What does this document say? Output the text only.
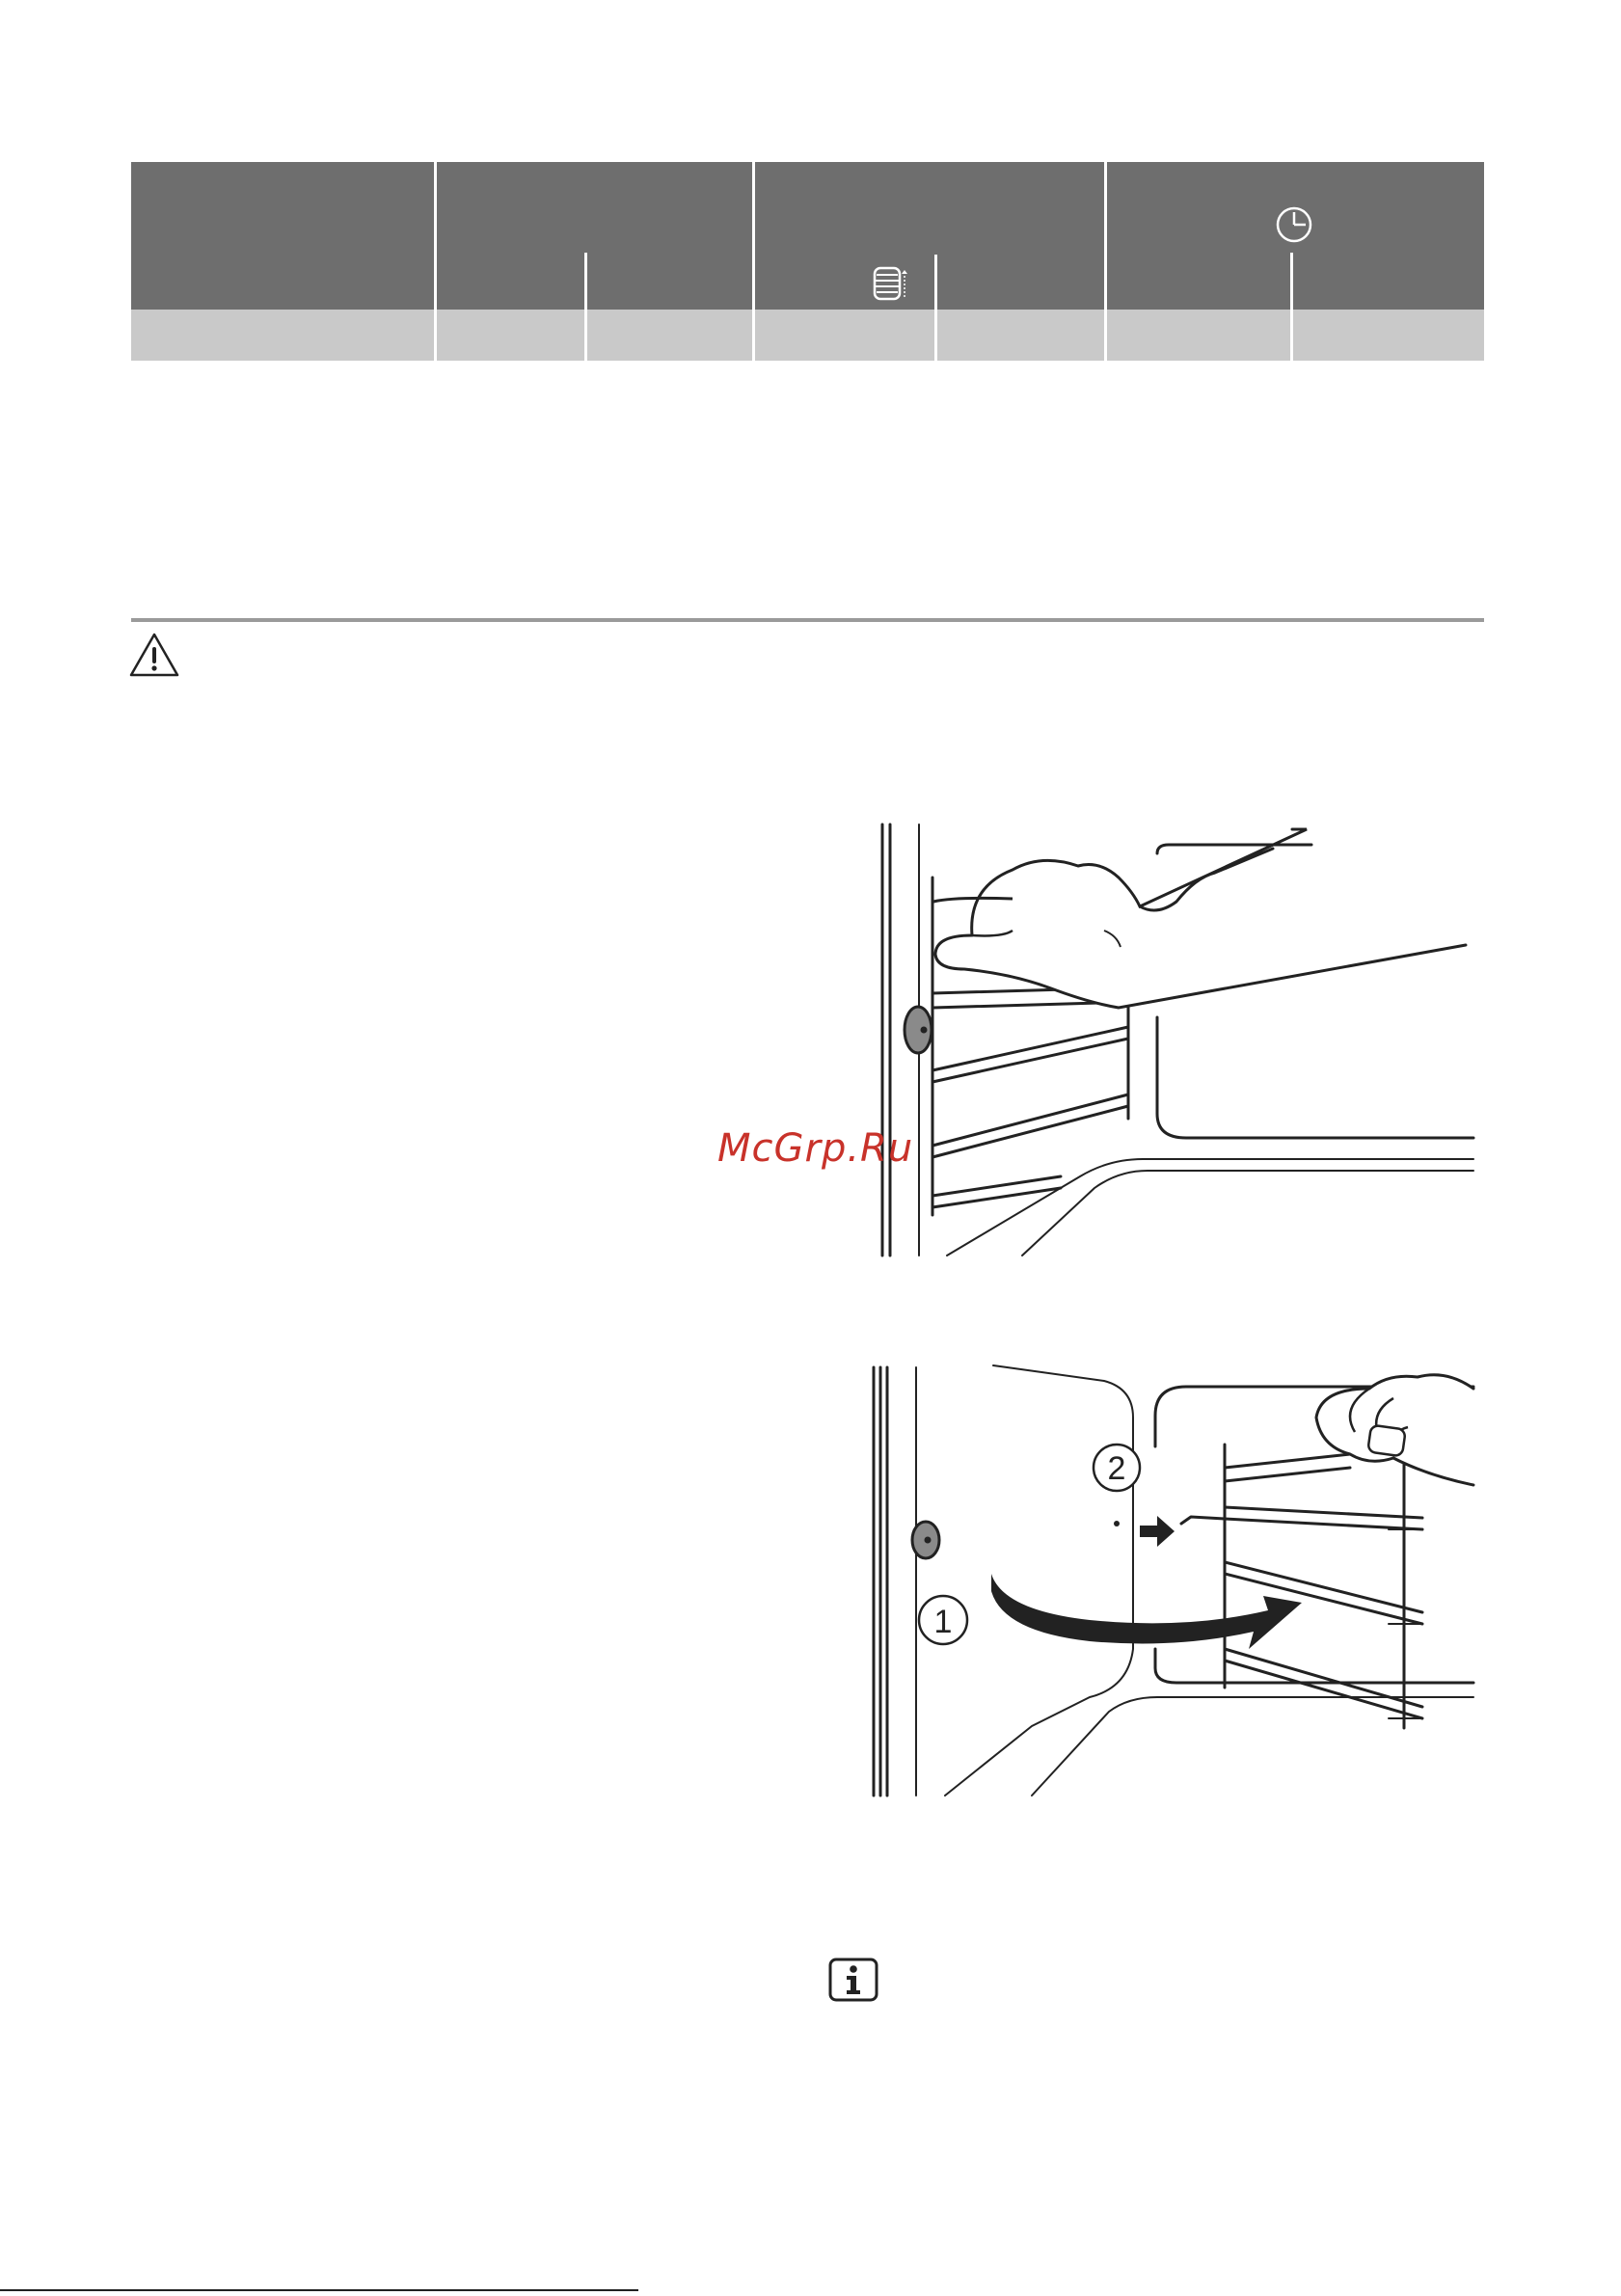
McGrp.Ru
2
1
